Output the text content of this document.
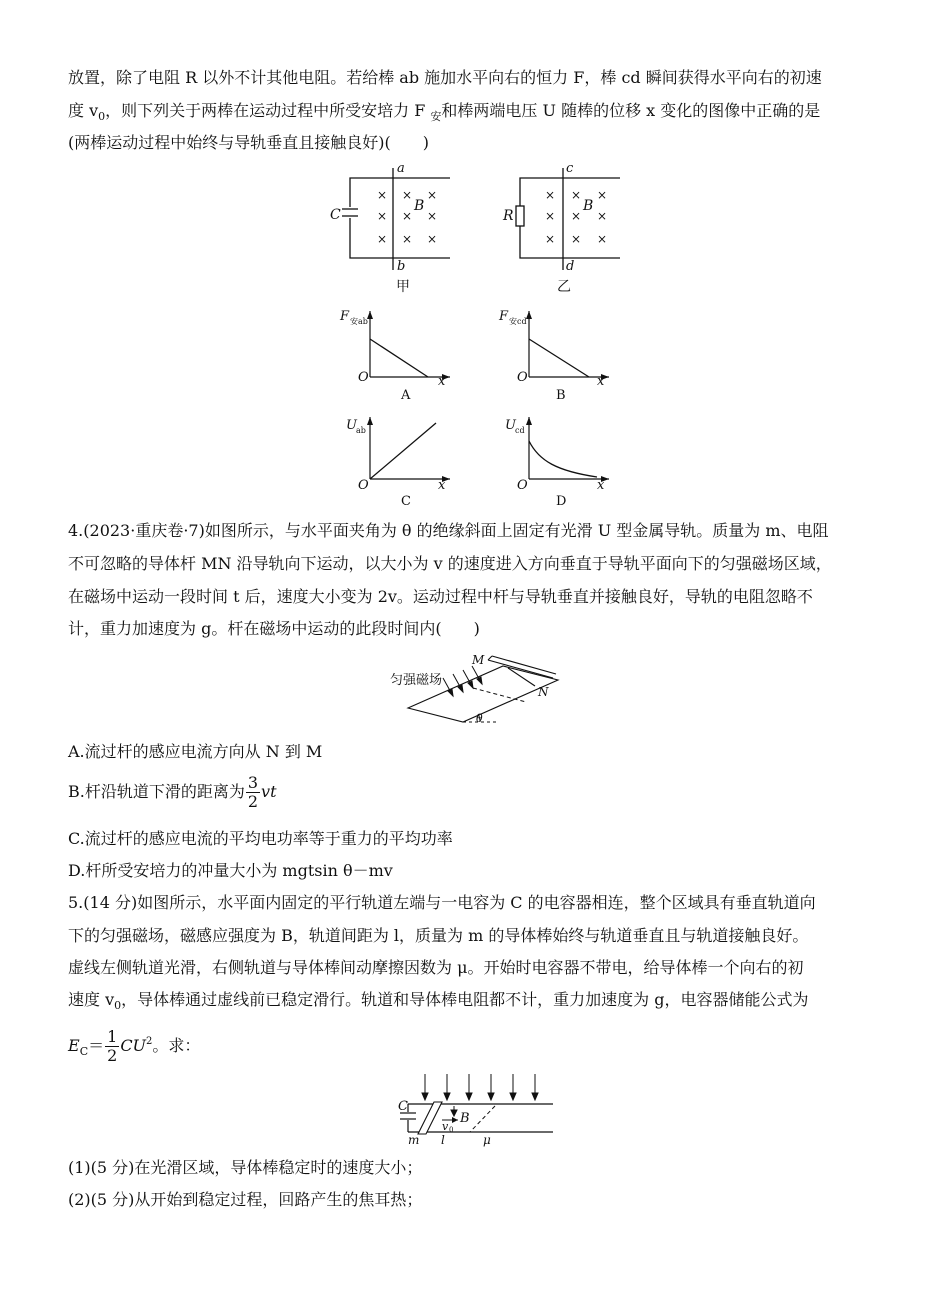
放置，除了电阻 R 以外不计其他电阻。若给棒 ab 施加水平向右的恒力 F，棒 cd 瞬间获得水平向右的初速
度 $v_0$，则下列关于两棒在运动过程中所受安培力 F $_安$和棒两端电压 U 随棒的位移 x 变化的图像中正确的是
(两棒运动过程中始终与导轨垂直且接触良好)(　　)
C
a
b
B
× × ×
× × ×
× × ×
甲
R
c
d
B
× × ×
× × ×
× × ×
乙
F 安ab
O	x
A
F 安cd
O	x
B
U ab
O	x
C
U cd
O	x
D
4.(2023·重庆卷·7)如图所示，与水平面夹角为 θ 的绝缘斜面上固定有光滑 U 型金属导轨。质量为 m、电阻
不可忽略的导体杆 MN 沿导轨向下运动，以大小为 v 的速度进入方向垂直于导轨平面向下的匀强磁场区域，
在磁场中运动一段时间 t 后，速度大小变为 2v。运动过程中杆与导轨垂直并接触良好，导轨的电阻忽略不
计，重力加速度为 g。杆在磁场中运动的此段时间内(　　)
匀强磁场
M
N
θ
A.流过杆的感应电流方向从 N 到 M
B.杆沿轨道下滑的距离为 $\frac{3}{2}$ vt
C.流过杆的感应电流的平均电功率等于重力的平均功率
D.杆所受安培力的冲量大小为 mgtsin θ－mv
5.(14 分)如图所示，水平面内固定的平行轨道左端与一电容为 C 的电容器相连，整个区域具有垂直轨道向
下的匀强磁场，磁感应强度为 B，轨道间距为 l，质量为 m 的导体棒始终与轨道垂直且与轨道接触良好。
虚线左侧轨道光滑，右侧轨道与导体棒间动摩擦因数为 μ。开始时电容器不带电，给导体棒一个向右的初
速度 $v_0$，导体棒通过虚线前已稳定滑行。轨道和导体棒电阻都不计，重力加速度为 g，电容器储能公式为
$E_C= \frac{1}{2} CU^2$。求：
C
B
v 0
m l	μ
(1)(5 分)在光滑区域，导体棒稳定时的速度大小；
(2)(5 分)从开始到稳定过程，回路产生的焦耳热；
